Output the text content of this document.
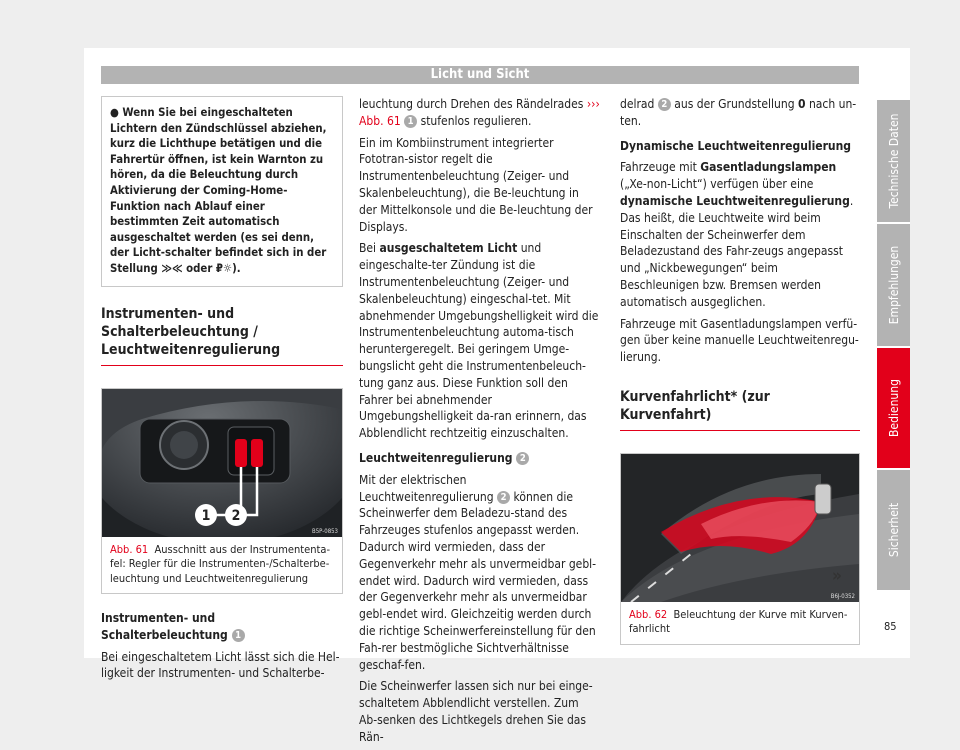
Licht und Sicht
● Wenn Sie bei eingeschalteten Lichtern den Zündschlüssel abziehen, kurz die Lichthupe betätigen und die Fahrertür öffnen, ist kein Warnton zu hören, da die Beleuchtung durch Aktivierung der Coming-Home-Funktion nach Ablauf einer bestimmten Zeit automatisch ausgeschaltet werden (es sei denn, der Licht-schalter befindet sich in der Stellung ≫≪ oder ₽☼).
Instrumenten- und Schalterbeleuchtung / Leuchtweitenregulierung
1 2
B5P-0853
Abb. 61 Ausschnitt aus der Instrumententa-fel: Regler für die Instrumenten-/Schalterbe-leuchtung und Leuchtweitenregulierung

Instrumenten- und Schalterbeleuchtung 1

Bei eingeschaltetem Licht lässt sich die Hel-ligkeit der Instrumenten- und Schalterbe-

leuchtung durch Drehen des Rändelrades ››› Abb. 61 1 stufenlos regulieren.

Ein im Kombiinstrument integrierter Fototran-sistor regelt die Instrumentenbeleuchtung (Zeiger- und Skalenbeleuchtung), die Be-leuchtung in der Mittelkonsole und die Be-leuchtung der Displays.

Bei ausgeschaltetem Licht und eingeschalte-ter Zündung ist die Instrumentenbeleuchtung (Zeiger- und Skalenbeleuchtung) eingeschal-tet. Mit abnehmender Umgebungshelligkeit wird die Instrumentenbeleuchtung automa-tisch heruntergeregelt. Bei geringem Umge-bungslicht geht die Instrumentenbeleuch-tung ganz aus. Diese Funktion soll den Fahrer bei abnehmender Umgebungshelligkeit da-ran erinnern, das Abblendlicht rechtzeitig einzuschalten.

Leuchtweitenregulierung 2

Mit der elektrischen Leuchtweitenregulierung 2 können die Scheinwerfer dem Beladezu-stand des Fahrzeuges stufenlos angepasst werden. Dadurch wird vermieden, dass der Gegenverkehr mehr als unvermeidbar gebl-endet wird. Dadurch wird vermieden, dass der Gegenverkehr mehr als unvermeidbar gebl-endet wird. Gleichzeitig werden durch die richtige Scheinwerfereinstellung für den Fah-rer bestmögliche Sichtverhältnisse geschaf-fen.

Die Scheinwerfer lassen sich nur bei einge-schaltetem Abblendlicht verstellen. Zum Ab-senken des Lichtkegels drehen Sie das Rän-

delrad 2 aus der Grundstellung 0 nach un-ten.

Dynamische Leuchtweitenregulierung

Fahrzeuge mit Gasentladungslampen („Xe-non-Licht“) verfügen über eine dynamische Leuchtweitenregulierung. Das heißt, die Leuchtweite wird beim Einschalten der Scheinwerfer dem Beladezustand des Fahr-zeugs angepasst und „Nickbewegungen“ beim Beschleunigen bzw. Bremsen werden automatisch ausgeglichen.

Fahrzeuge mit Gasentladungslampen verfü-gen über keine manuelle Leuchtweitenregu-lierung.

Kurvenfahrlicht* (zur Kurvenfahrt)
B6J-0352
Abb. 62 Beleuchtung der Kurve mit Kurven-fahrlicht
»
Technische Daten
Empfehlungen
Bedienung
Sicherheit
85
